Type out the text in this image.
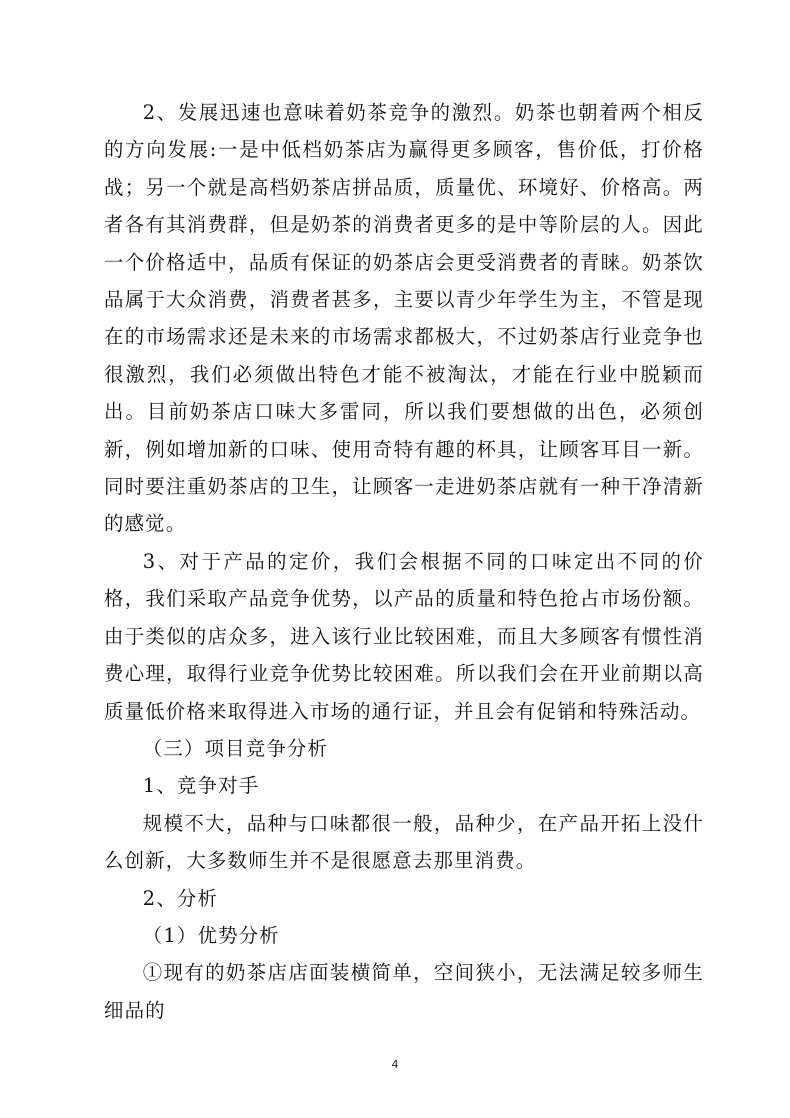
2、发展迅速也意味着奶茶竞争的激烈。奶茶也朝着两个相反的方向发展:一是中低档奶茶店为赢得更多顾客，售价低，打价格战；另一个就是高档奶茶店拼品质，质量优、环境好、价格高。两者各有其消费群，但是奶茶的消费者更多的是中等阶层的人。因此一个价格适中，品质有保证的奶茶店会更受消费者的青睐。奶茶饮品属于大众消费，消费者甚多，主要以青少年学生为主，不管是现在的市场需求还是未来的市场需求都极大，不过奶茶店行业竞争也很激烈，我们必须做出特色才能不被淘汰，才能在行业中脱颖而出。目前奶茶店口味大多雷同，所以我们要想做的出色，必须创新，例如增加新的口味、使用奇特有趣的杯具，让顾客耳目一新。同时要注重奶茶店的卫生，让顾客一走进奶茶店就有一种干净清新的感觉。

3、对于产品的定价，我们会根据不同的口味定出不同的价格，我们采取产品竞争优势，以产品的质量和特色抢占市场份额。由于类似的店众多，进入该行业比较困难，而且大多顾客有惯性消费心理，取得行业竞争优势比较困难。所以我们会在开业前期以高质量低价格来取得进入市场的通行证，并且会有促销和特殊活动。

（三）项目竞争分析

1、竞争对手

规模不大，品种与口味都很一般，品种少，在产品开拓上没什么创新，大多数师生并不是很愿意去那里消费。

2、分析

（1）优势分析

①现有的奶茶店店面装横简单，空间狭小，无法满足较多师生细品的

4
